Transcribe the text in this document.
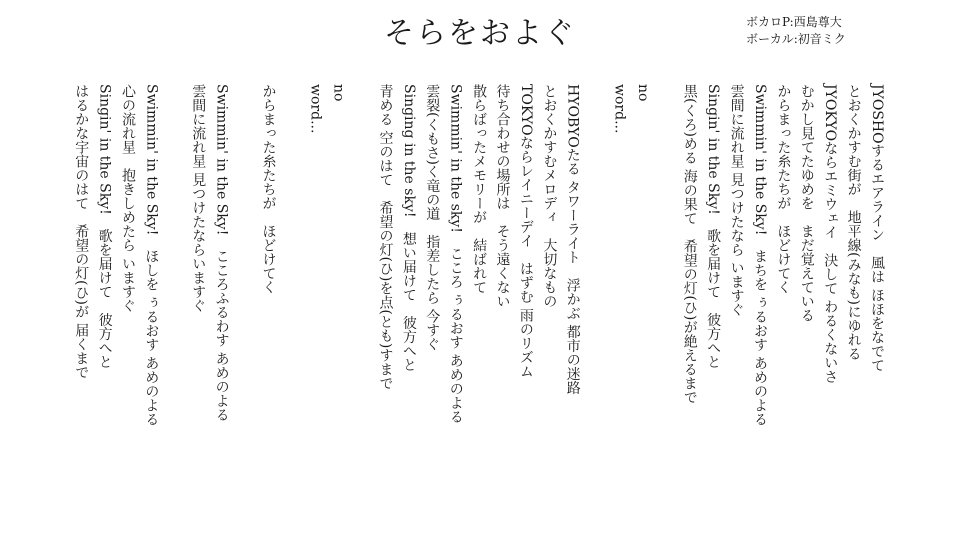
そらをおよぐ	ボカロP:西島尊大
ボーカル:初音ミク
JYOSHOするエアライン　風は ほほをなでて
とおくかすむ街が　地平線(みなも)にゆれる
JYOKYOならエミウェイ　決して わるくないさ
むかし見てたゆめを　まだ覚えている
からまった糸たちが　ほどけてく
Swimmin' in the Sky!　まちを ぅるおす あめのよる
雲間に流れ星 見つけたなら いますぐ
Singin' in the Sky!　歌を届けて　彼方へと
黒(くろ)める 海の果て　希望の灯(ひ)が絶えるまで

no
word...

HYOBYOたる タワーライト　浮かぶ 都市の迷路
とおくかすむメロディ　大切なもの
TOKYOならレイニーデイ　はずむ 雨のリズム
待ち合わせの場所は　そう遠くない
散らばったメモリーが　結ばれて
Swimmin' in the sky!　こころ ぅるおす あめのよる
雲裂(くもさ)く竜の道　指差したら 今すぐ
Singing in the sky!　想い届けて　彼方へと
青める 空のはて　希望の灯(ひ)を点(とも)すまで

no
word...

からまった糸たちが　ほどけてく

Swimmin' in the Sky!　こころふるわす あめのよる
雲間に流れ星 見つけたならいますぐ

Swimmin' in the Sky!　ほしを ぅるおす あめのよる
心の流れ星　抱きしめたら いますぐ
Singin' in the Sky!　歌を届けて　彼方へと
はるかな宇宙のはて　希望の灯(ひ)が 届くまで
